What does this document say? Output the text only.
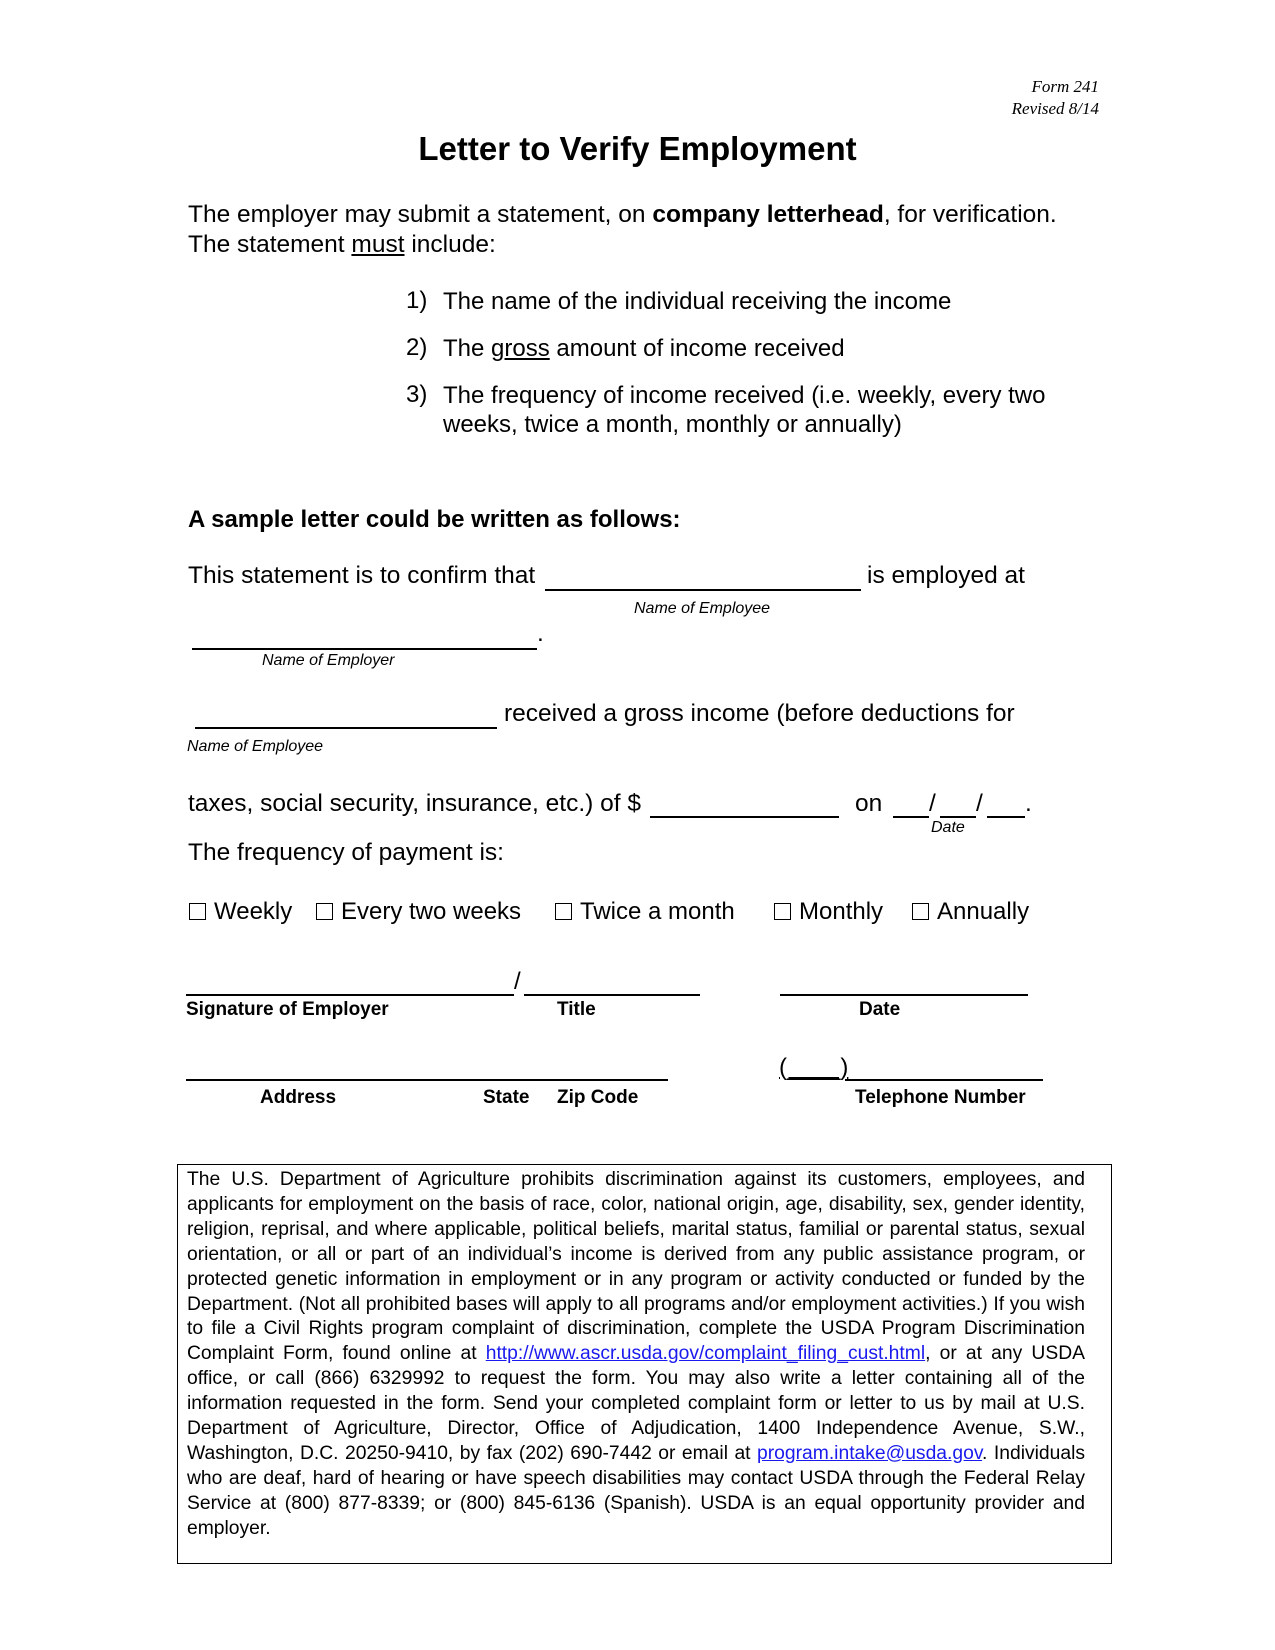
Form 241
Revised 8/14
Letter to Verify Employment
The employer may submit a statement, on company letterhead, for verification.
The statement must include:
1) The name of the individual receiving the income
2) The gross amount of income received
3) The frequency of income received (i.e. weekly, every two
weeks, twice a month, monthly or annually)
A sample letter could be written as follows:
This statement is to confirm that	is employed at
Name of Employee
.
Name of Employer
received a gross income (before deductions for
Name of Employee
taxes, social security, insurance, etc.) of $	on / / .
Date
The frequency of payment is:
Weekly	Every two weeks	Twice a month	Monthly	Annually
/
Signature of Employer	Title	Date
(____)
Address	State Zip Code	Telephone Number
The U.S. Department of Agriculture prohibits discrimination against its customers, employees, and applicants for employment on the basis of race, color, national origin, age, disability, sex, gender identity, religion, reprisal, and where applicable, political beliefs, marital status, familial or parental status, sexual orientation, or all or part of an individual’s income is derived from any public assistance program, or protected genetic information in employment or in any program or activity conducted or funded by the Department. (Not all prohibited bases will apply to all programs and/or employment activities.) If you wish to file a Civil Rights program complaint of discrimination, complete the USDA Program Discrimination Complaint Form, found online at http://www.ascr.usda.gov/complaint_filing_cust.html, or at any USDA office, or call (866) 6329992 to request the form. You may also write a letter containing all of the information requested in the form. Send your completed complaint form or letter to us by mail at U.S. Department of Agriculture, Director, Office of Adjudication, 1400 Independence Avenue, S.W., Washington, D.C. 20250-9410, by fax (202) 690-7442 or email at program.intake@usda.gov. Individuals who are deaf, hard of hearing or have speech disabilities may contact USDA through the Federal Relay Service at (800) 877-8339; or (800) 845-6136 (Spanish). USDA is an equal opportunity provider and employer.
